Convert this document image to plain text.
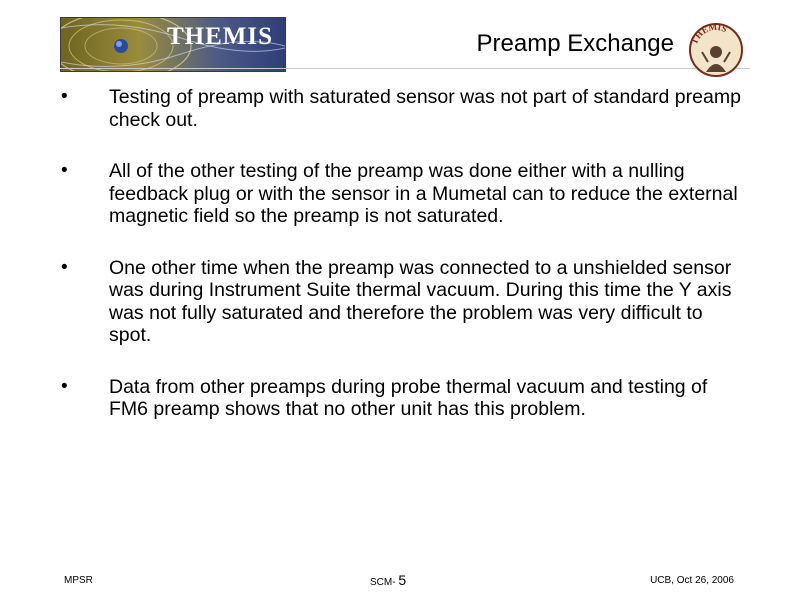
THEMIS	Preamp Exchange THEMIS
• Testing of preamp with saturated sensor was not part of standard preamp check out.
• All of the other testing of the preamp was done either with a nulling feedback plug or with the sensor in a Mumetal can to reduce the external magnetic field so the preamp is not saturated.
• One other time when the preamp was connected to a unshielded sensor was during Instrument Suite thermal vacuum. During this time the Y axis was not fully saturated and therefore the problem was very difficult to spot.
• Data from other preamps during probe thermal vacuum and testing of FM6 preamp shows that no other unit has this problem.
MPSR	SCM- 5	UCB, Oct 26, 2006
